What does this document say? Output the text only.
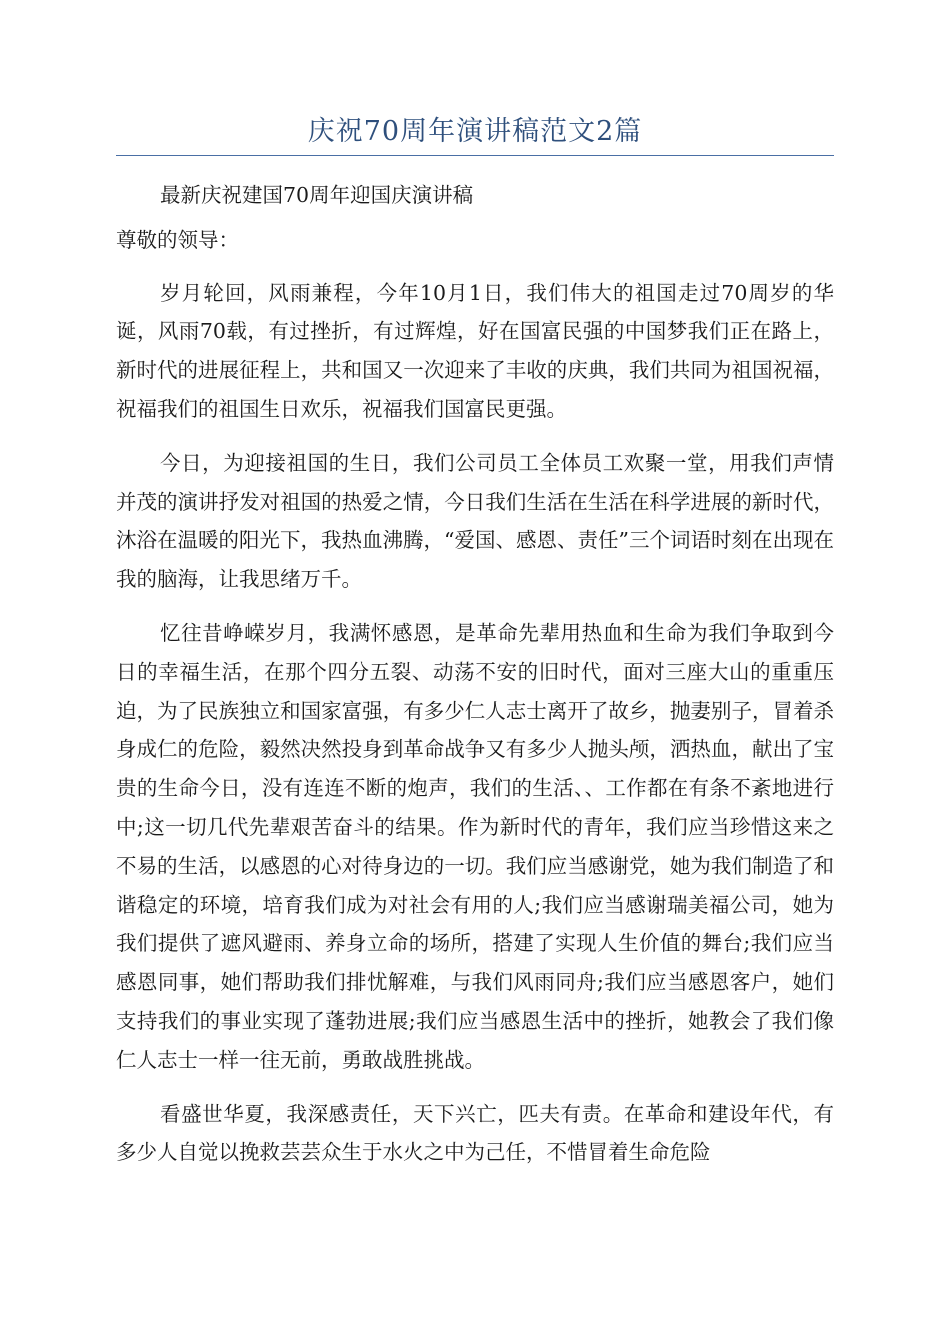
庆祝70周年演讲稿范文2篇

最新庆祝建国70周年迎国庆演讲稿

尊敬的领导：

岁月轮回，风雨兼程，今年10月1日，我们伟大的祖国走过70周岁的华诞，风雨70载，有过挫折，有过辉煌，好在国富民强的中国梦我们正在路上，新时代的进展征程上，共和国又一次迎来了丰收的庆典，我们共同为祖国祝福，祝福我们的祖国生日欢乐，祝福我们国富民更强。

今日，为迎接祖国的生日，我们公司员工全体员工欢聚一堂，用我们声情并茂的演讲抒发对祖国的热爱之情，今日我们生活在生活在科学进展的新时代，沐浴在温暖的阳光下，我热血沸腾，“爱国、感恩、责任”三个词语时刻在出现在我的脑海，让我思绪万千。

忆往昔峥嵘岁月，我满怀感恩，是革命先辈用热血和生命为我们争取到今日的幸福生活，在那个四分五裂、动荡不安的旧时代，面对三座大山的重重压迫，为了民族独立和国家富强，有多少仁人志士离开了故乡，抛妻别子，冒着杀身成仁的危险，毅然决然投身到革命战争又有多少人抛头颅，洒热血，献出了宝贵的生命今日，没有连连不断的炮声，我们的生活、、工作都在有条不紊地进行中;这一切几代先辈艰苦奋斗的结果。作为新时代的青年，我们应当珍惜这来之不易的生活，以感恩的心对待身边的一切。我们应当感谢党，她为我们制造了和谐稳定的环境，培育我们成为对社会有用的人;我们应当感谢瑞美福公司，她为我们提供了遮风避雨、养身立命的场所，搭建了实现人生价值的舞台;我们应当感恩同事，她们帮助我们排忧解难，与我们风雨同舟;我们应当感恩客户，她们支持我们的事业实现了蓬勃进展;我们应当感恩生活中的挫折，她教会了我们像仁人志士一样一往无前，勇敢战胜挑战。

看盛世华夏，我深感责任，天下兴亡，匹夫有责。在革命和建设年代，有多少人自觉以挽救芸芸众生于水火之中为己任，不惜冒着生命危险
